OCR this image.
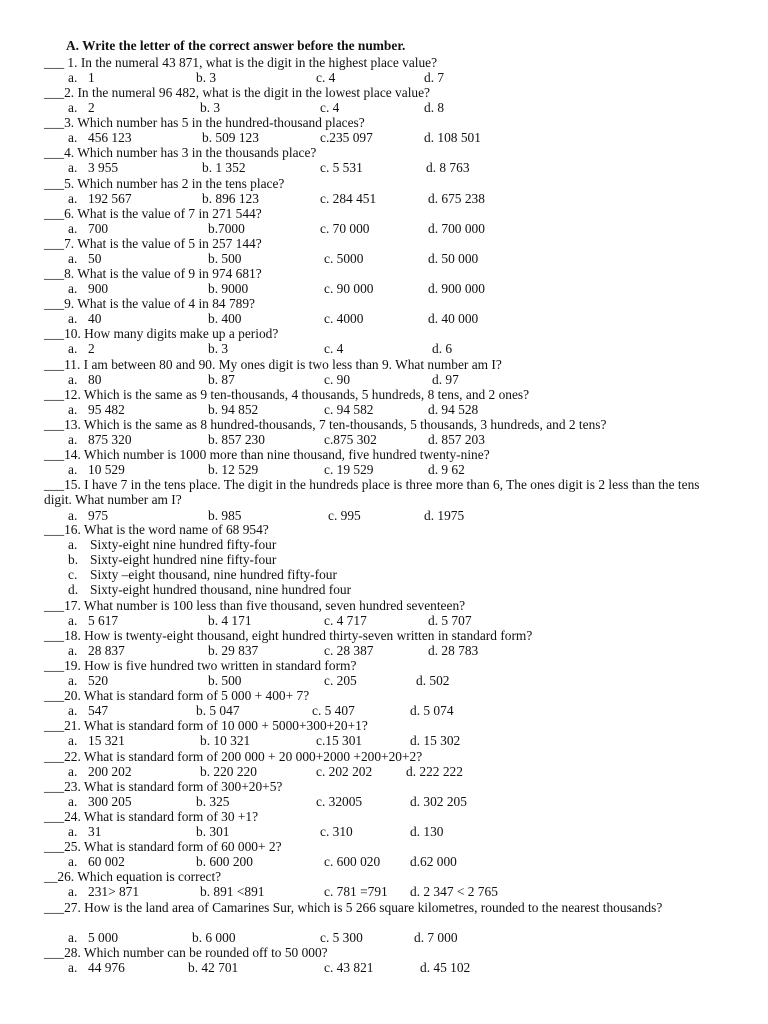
A. Write the letter of the correct answer before the number.
___ 1. In the numeral 43 871, what is the digit in the highest place value?
a. 1	b. 3	c. 4	d. 7
___2. In the numeral 96 482, what is the digit in the lowest place value?
a. 2	b. 3	c. 4	d. 8
___3. Which number has 5 in the hundred-thousand places?
a. 456 123	b. 509 123	c.235 097	d. 108 501
___4. Which number has 3 in the thousands place?
a. 3 955	b. 1 352	c. 5 531	d. 8 763
___5. Which number has 2 in the tens place?
a. 192 567	b. 896 123	c. 284 451	d. 675 238
___6. What is the value of 7 in 271 544?
a. 700	b.7000	c. 70 000	d. 700 000
___7. What is the value of 5 in 257 144?
a. 50	b. 500	c. 5000	d. 50 000
___8. What is the value of 9 in 974 681?
a. 900	b. 9000	c. 90 000	d. 900 000
___9. What is the value of 4 in 84 789?
a. 40	b. 400	c. 4000	d. 40 000
___10. How many digits make up a period?
a. 2	b. 3	c. 4	d. 6
___11. I am between 80 and 90. My ones digit is two less than 9. What number am I?
a. 80	b. 87	c. 90	d. 97
___12. Which is the same as 9 ten-thousands, 4 thousands, 5 hundreds, 8 tens, and 2 ones?
a. 95 482	b. 94 852	c. 94 582	d. 94 528
___13. Which is the same as 8 hundred-thousands, 7 ten-thousands, 5 thousands, 3 hundreds, and 2 tens?
a. 875 320	b. 857 230	c.875 302	d. 857 203
___14. Which number is 1000 more than nine thousand, five hundred twenty-nine?
a. 10 529	b. 12 529	c. 19 529	d. 9 62
___15. I have 7 in the tens place. The digit in the hundreds place is three more than 6, The ones digit is 2 less than the tens digit. What number am I?
a. 975	b. 985	c. 995	d. 1975
___16. What is the word name of 68 954?
a. Sixty-eight nine hundred fifty-four
b. Sixty-eight hundred nine fifty-four
c. Sixty –eight thousand, nine hundred fifty-four
d. Sixty-eight hundred thousand, nine hundred four
___17. What number is 100 less than five thousand, seven hundred seventeen?
a. 5 617	b. 4 171	c. 4 717	d. 5 707
___18. How is twenty-eight thousand, eight hundred thirty-seven written in standard form?
a. 28 837	b. 29 837	c. 28 387	d. 28 783
___19. How is five hundred two written in standard form?
a. 520	b. 500	c. 205	d. 502
___20. What is standard form of 5 000 + 400+ 7?
a. 547	b. 5 047	c. 5 407	d. 5 074
___21. What is standard form of 10 000 + 5000+300+20+1?
a. 15 321	b. 10 321	c.15 301	d. 15 302
___22. What is standard form of 200 000 + 20 000+2000 +200+20+2?
a. 200 202	b. 220 220	c. 202 202	d. 222 222
___23. What is standard form of 300+20+5?
a. 300 205	b. 325	c. 32005	d. 302 205
___24. What is standard form of 30 +1?
a. 31	b. 301	c. 310	d. 130
___25. What is standard form of 60 000+ 2?
a. 60 002	b. 600 200	c. 600 020 d.62 000
__26. Which equation is correct?
a. 231> 871	b. 891 <891	c. 781 =791 d. 2 347 < 2 765
___27. How is the land area of Camarines Sur, which is 5 266 square kilometres, rounded to the nearest thousands?
a. 5 000	b. 6 000	c. 5 300	d. 7 000
___28. Which number can be rounded off to 50 000?
a. 44 976	b. 42 701	c. 43 821	d. 45 102
